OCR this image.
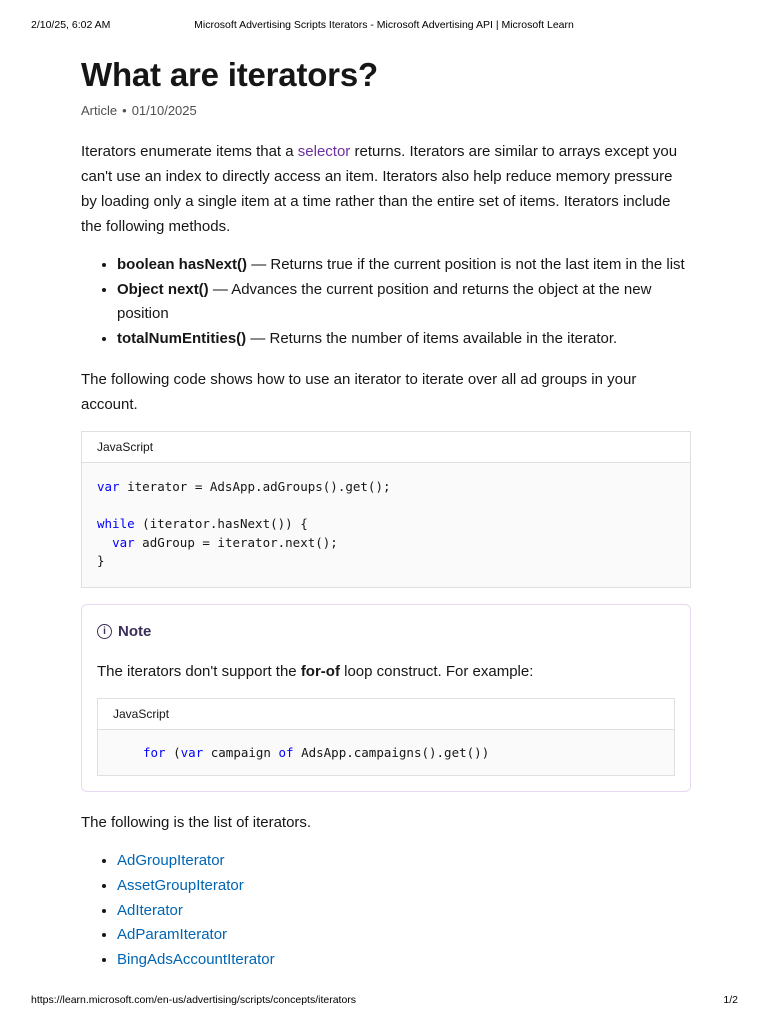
2/10/25, 6:02 AM	Microsoft Advertising Scripts Iterators - Microsoft Advertising API | Microsoft Learn
What are iterators?
Article • 01/10/2025

Iterators enumerate items that a selector returns. Iterators are similar to arrays except you can't use an index to directly access an item. Iterators also help reduce memory pressure by loading only a single item at a time rather than the entire set of items. Iterators include the following methods.

• boolean hasNext() — Returns true if the current position is not the last item in the list
• Object next() — Advances the current position and returns the object at the new position
• totalNumEntities() — Returns the number of items available in the iterator.

The following code shows how to use an iterator to iterate over all ad groups in your account.

JavaScript
var iterator = AdsApp.adGroups().get();
while (iterator.hasNext()) {
var adGroup = iterator.next();
}
i Note

The iterators don't support the for-of loop construct. For example:

JavaScript
for (var campaign of AdsApp.campaigns().get())

The following is the list of iterators.

• AdGroupIterator
• AssetGroupIterator
• AdIterator
• AdParamIterator
• BingAdsAccountIterator
https://learn.microsoft.com/en-us/advertising/scripts/concepts/iterators	1/2
